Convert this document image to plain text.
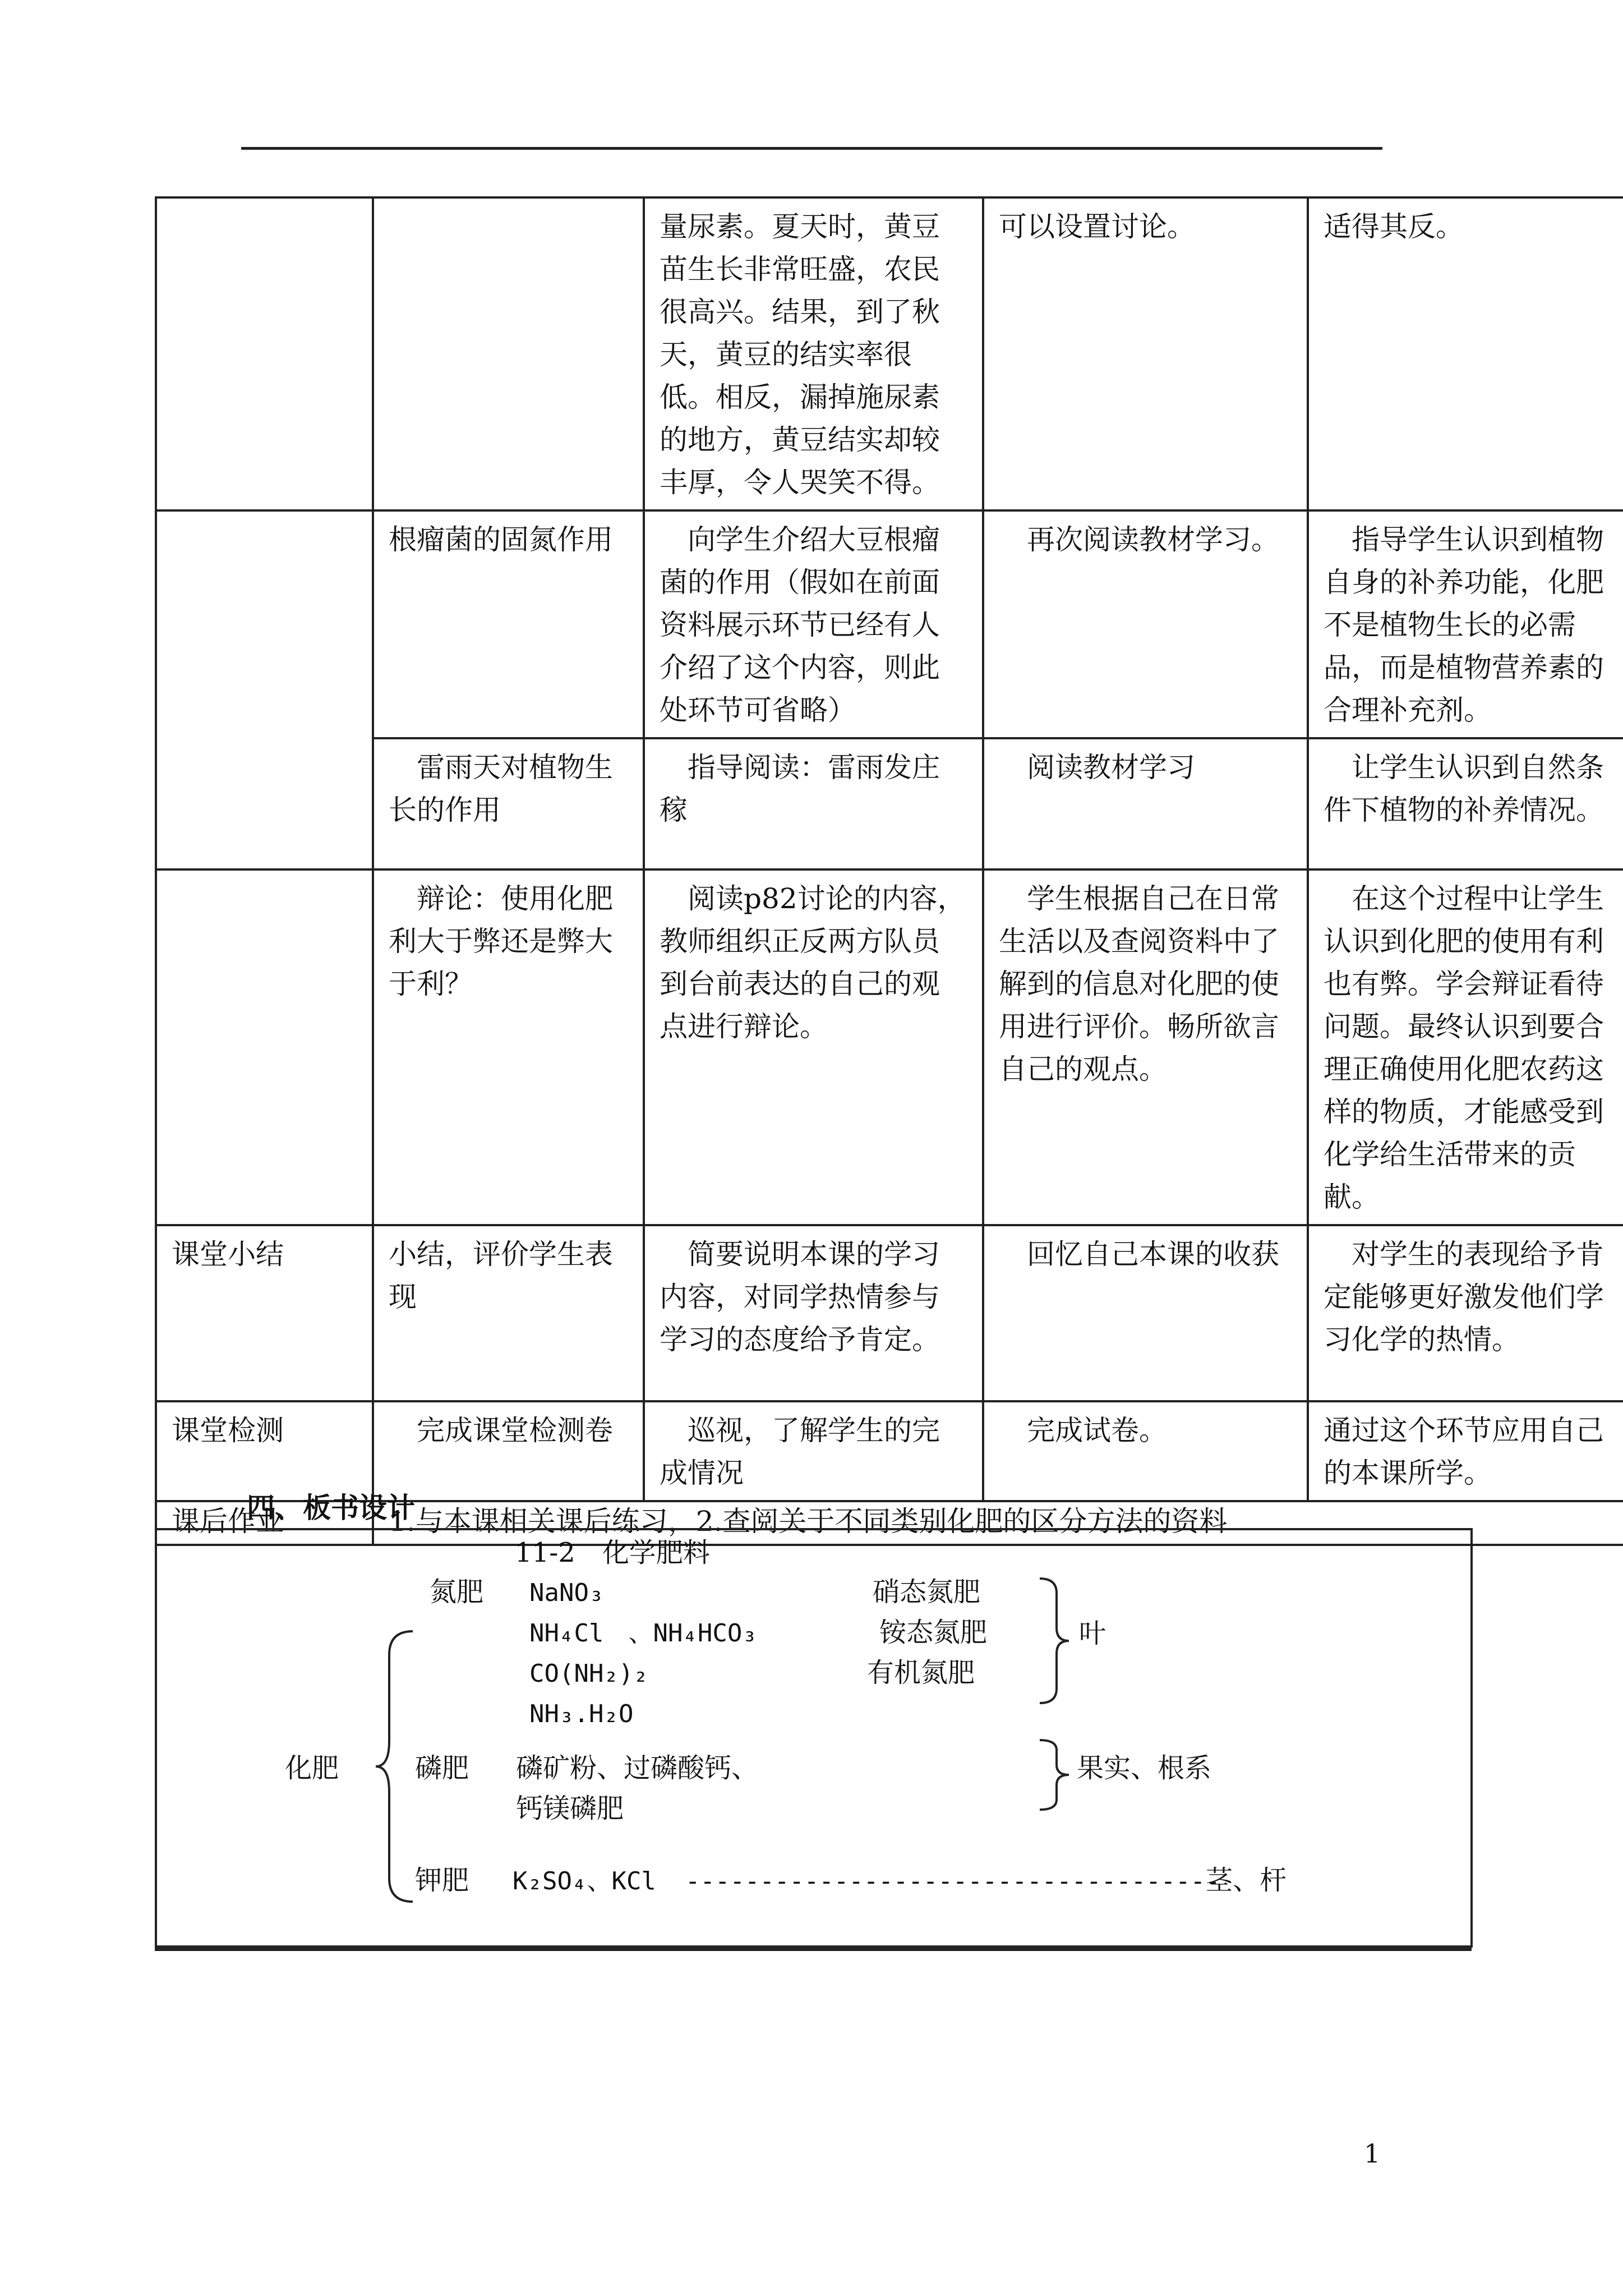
		量尿素。夏天时，黄豆苗生长非常旺盛，农民很高兴。结果，到了秋天，黄豆的结实率很低。相反，漏掉施尿素的地方，黄豆结实却较丰厚，令人哭笑不得。	可以设置讨论。	适得其反。
	根瘤菌的固氮作用	　向学生介绍大豆根瘤菌的作用（假如在前面资料展示环节已经有人介绍了这个内容，则此处环节可省略）	　再次阅读教材学习。	　指导学生认识到植物自身的补养功能，化肥不是植物生长的必需品，而是植物营养素的合理补充剂。
	　雷雨天对植物生长的作用	　指导阅读：雷雨发庄稼	　阅读教材学习	　让学生认识到自然条件下植物的补养情况。
	　辩论：使用化肥利大于弊还是弊大于利？	　阅读p82讨论的内容，教师组织正反两方队员到台前表达的自己的观点进行辩论。	　学生根据自己在日常生活以及查阅资料中了解到的信息对化肥的使用进行评价。畅所欲言自己的观点。	　在这个过程中让学生认识到化肥的使用有利也有弊。学会辩证看待问题。最终认识到要合理正确使用化肥农药这样的物质，才能感受到化学给生活带来的贡献。
课堂小结	小结，评价学生表现	　简要说明本课的学习内容，对同学热情参与学习的态度给予肯定。	　回忆自己本课的收获	　对学生的表现给予肯定能够更好激发他们学习化学的热情。
课堂检测	　完成课堂检测卷	　巡视，了解学生的完成情况	　完成试卷。	通过这个环节应用自己的本课所学。
课后作业	1.与本课相关课后练习，2.查阅关于不同类别化肥的区分方法的资料			
四、板书设计
11-2　化学肥料
氮肥 NaNO₃
NH₄Cl　、NH₄HCO₃
CO(NH₂)₂
NH₃.H₂O
硝态氮肥
铵态氮肥
有机氮肥
叶
化肥	磷肥 磷矿粉、过磷酸钙、
钙镁磷肥
果实、根系
钾肥 K₂SO₄、KCl ------------------------------------
茎、杆
1
